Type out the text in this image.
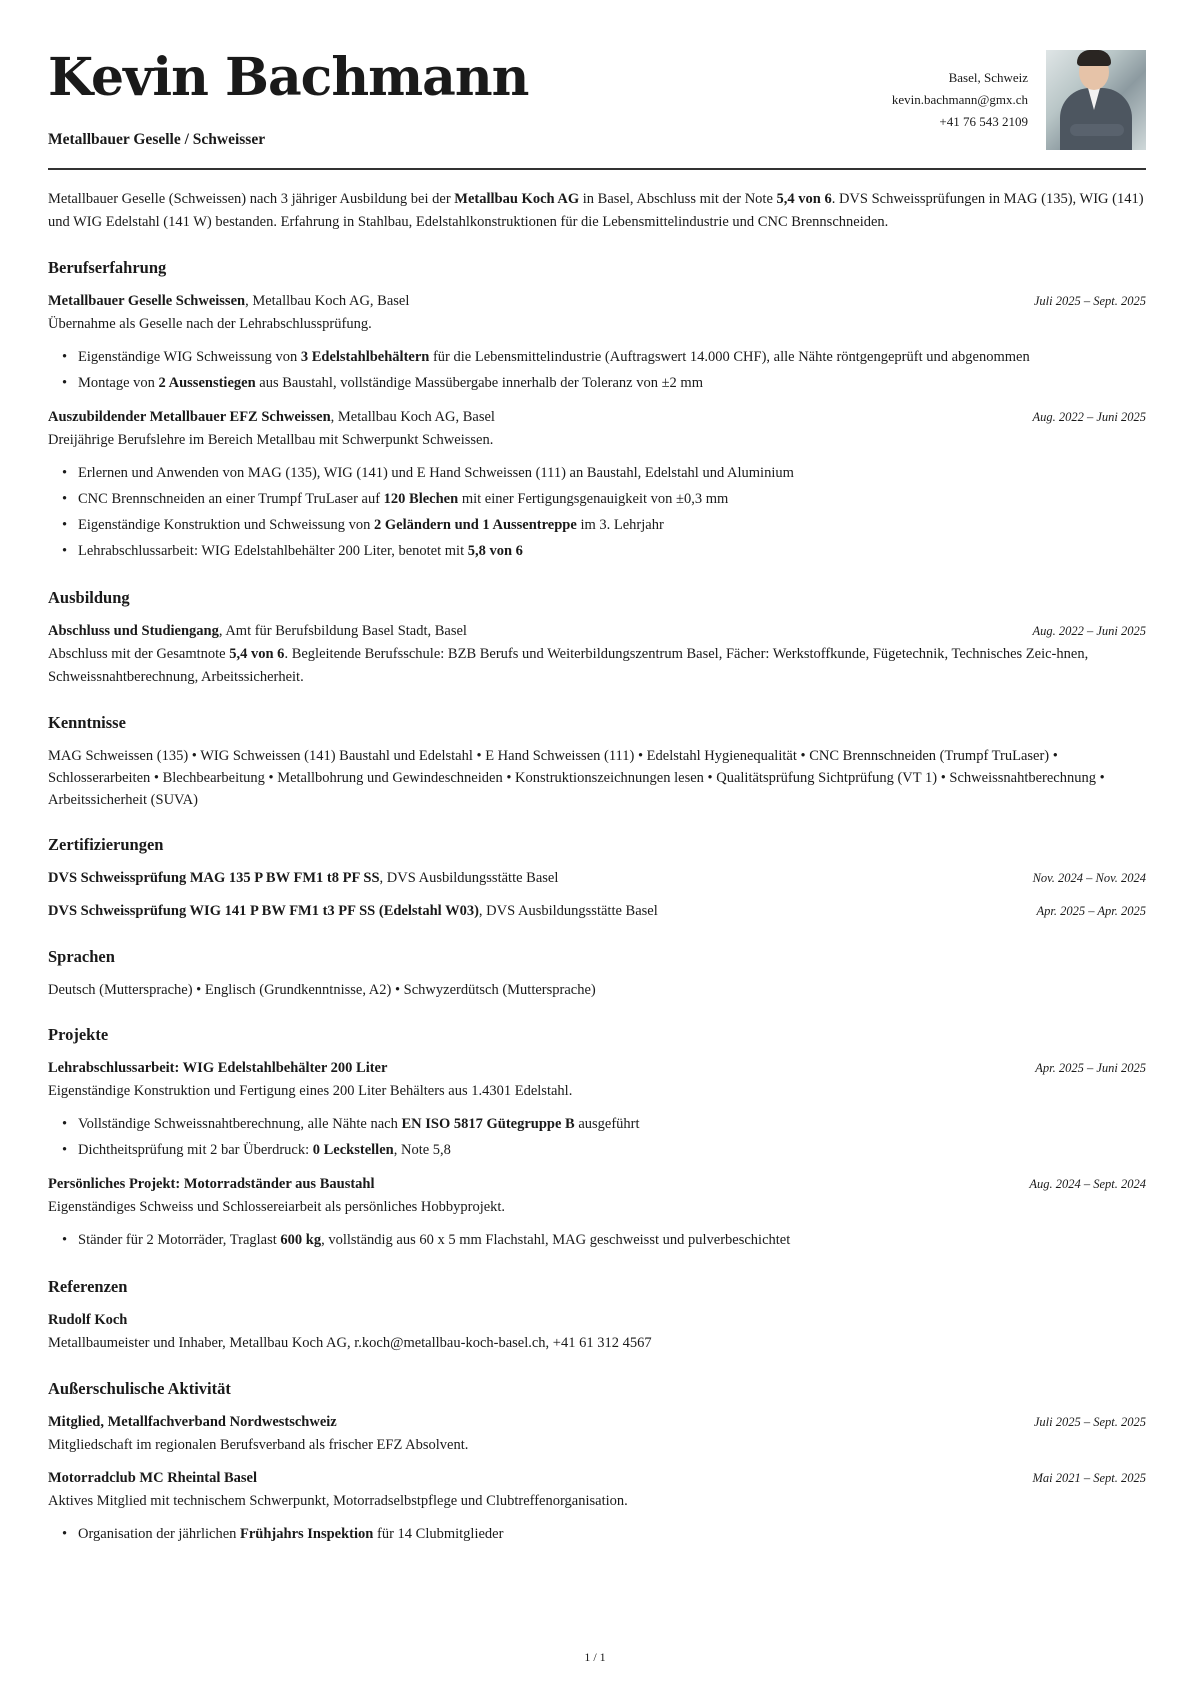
Kevin Bachmann
Metallbauer Geselle / Schweisser
Basel, Schweiz
kevin.bachmann@gmx.ch
+41 76 543 2109
Metallbauer Geselle (Schweissen) nach 3 jähriger Ausbildung bei der Metallbau Koch AG in Basel, Abschluss mit der Note 5,4 von 6. DVS Schweissprüfungen in MAG (135), WIG (141) und WIG Edelstahl (141 W) bestanden. Erfahrung in Stahlbau, Edelstahlkonstruktionen für die Lebensmittelindustrie und CNC Brennschneiden.
Berufserfahrung
Metallbauer Geselle Schweissen, Metallbau Koch AG, Basel	Juli 2025 – Sept. 2025
Übernahme als Geselle nach der Lehrabschlussprüfung.
• Eigenständige WIG Schweissung von 3 Edelstahlbehältern für die Lebensmittelindustrie (Auftragswert 14.000 CHF), alle Nähte röntgengeprüft und abgenommen
• Montage von 2 Aussenstiegen aus Baustahl, vollständige Massübergabe innerhalb der Toleranz von ±2 mm
Auszubildender Metallbauer EFZ Schweissen, Metallbau Koch AG, Basel	Aug. 2022 – Juni 2025
Dreijährige Berufslehre im Bereich Metallbau mit Schwerpunkt Schweissen.
• Erlernen und Anwenden von MAG (135), WIG (141) und E Hand Schweissen (111) an Baustahl, Edelstahl und Aluminium
• CNC Brennschneiden an einer Trumpf TruLaser auf 120 Blechen mit einer Fertigungsgenauigkeit von ±0,3 mm
• Eigenständige Konstruktion und Schweissung von 2 Geländern und 1 Aussentreppe im 3. Lehrjahr
• Lehrabschlussarbeit: WIG Edelstahlbehälter 200 Liter, benotet mit 5,8 von 6
Ausbildung
Abschluss und Studiengang, Amt für Berufsbildung Basel Stadt, Basel	Aug. 2022 – Juni 2025
Abschluss mit der Gesamtnote 5,4 von 6. Begleitende Berufsschule: BZB Berufs und Weiterbildungszentrum Basel, Fächer: Werkstoffkunde, Fügetechnik, Technisches Zeic-hnen, Schweissnahtberechnung, Arbeitssicherheit.
Kenntnisse
MAG Schweissen (135) • WIG Schweissen (141) Baustahl und Edelstahl • E Hand Schweissen (111) • Edelstahl Hygienequalität • CNC Brennschneiden (Trumpf TruLaser) • Schlosserarbeiten • Blechbearbeitung • Metallbohrung und Gewindeschneiden • Konstruktionszeichnungen lesen • Qualitätsprüfung Sichtprüfung (VT 1) • Schweissnahtberechnung • Arbeitssicherheit (SUVA)
Zertifizierungen
DVS Schweissprüfung MAG 135 P BW FM1 t8 PF SS, DVS Ausbildungsstätte Basel	Nov. 2024 – Nov. 2024
DVS Schweissprüfung WIG 141 P BW FM1 t3 PF SS (Edelstahl W03), DVS Ausbildungsstätte Basel	Apr. 2025 – Apr. 2025
Sprachen
Deutsch (Muttersprache) • Englisch (Grundkenntnisse, A2) • Schwyzerdütsch (Muttersprache)
Projekte
Lehrabschlussarbeit: WIG Edelstahlbehälter 200 Liter	Apr. 2025 – Juni 2025
Eigenständige Konstruktion und Fertigung eines 200 Liter Behälters aus 1.4301 Edelstahl.
• Vollständige Schweissnahtberechnung, alle Nähte nach EN ISO 5817 Gütegruppe B ausgeführt
• Dichtheitsprüfung mit 2 bar Überdruck: 0 Leckstellen, Note 5,8
Persönliches Projekt: Motorradständer aus Baustahl	Aug. 2024 – Sept. 2024
Eigenständiges Schweiss und Schlossereiarbeit als persönliches Hobbyprojekt.
• Ständer für 2 Motorräder, Traglast 600 kg, vollständig aus 60 x 5 mm Flachstahl, MAG geschweisst und pulverbeschichtet
Referenzen
Rudolf Koch
Metallbaumeister und Inhaber, Metallbau Koch AG, r.koch@metallbau-koch-basel.ch, +41 61 312 4567
Außerschulische Aktivität
Mitglied, Metallfachverband Nordwestschweiz	Juli 2025 – Sept. 2025
Mitgliedschaft im regionalen Berufsverband als frischer EFZ Absolvent.
Motorradclub MC Rheintal Basel	Mai 2021 – Sept. 2025
Aktives Mitglied mit technischem Schwerpunkt, Motorradselbstpflege und Clubtreffenorganisation.
• Organisation der jährlichen Frühjahrs Inspektion für 14 Clubmitglieder
1 / 1
